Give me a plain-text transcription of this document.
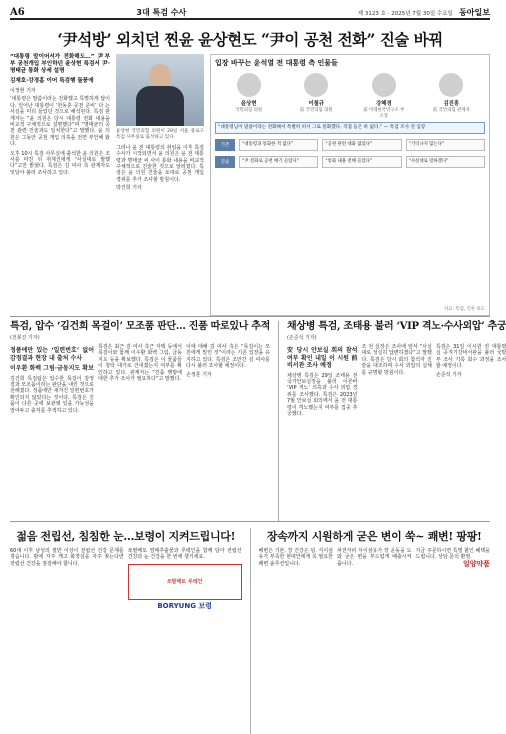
A6	3대 특검 수사	제 3123 호 · 2025년 7월 30일 수요일 동아일보
‘尹석방’ 외치던 찐윤 윤상현도 “尹이 공천 전화” 진술 바꿔
“대통령 말이어서가 전화해도…” 尹부부 공천개입 부인하던 윤상현 특검서 尹·명태균 통화 상세 설명
김재호·강경흠 이어 특검행 돌풍에
이정현 기자
‘대통령은 말씀이라는 전화했고 특별하게 답이 다. 일어난 대통령이 ‘한동훈 공천 준비’ 다 는 사실을 미리 들었던 것으로 해석된다. 특검 관계자는 “윤 의원은 당시 대통령 전화 내용을 비교적 구체적으로 설명했다”며 “명태균의 공천 관련 진술과도 일치한다”고 말했다. 윤 의원은 그동안 공천 개입 의혹을 전면 부인해 왔다.
오후 10시 특검 사무실에 출석한 윤 의원은 조사를 마친 뒤 취재진에게 “사실대로 말했다”고만 밝혔다. 특검은 김 여사 측 관계자도 잇달아 불러 조사하고 있다.
윤상현 국민의힘 의원이 29일 서울 종로구 특검 사무실로 출석하고 있다.
그러나 윤 전 대통령의 취임을 이후 특검 수사가 시작되면서 윤 의원은 윤 전 대통령과 명태균 씨 사이 통화 내용을 비교적 구체적으로 진술한 것으로 알려졌다. 특검은 윤 의원 진술을 토대로 공천 개입 경위를 추가 조사할 방침이다.
박건희 기자
입장 바꾸는 윤석열 전 대통령 측 인물들
윤상현
국민의힘 의원
이철규
前 국민의힘 의원
강혜경
前 미래한국연구소 부소장
김진흥
前 국민의힘 관계자
“대통령님이 말씀이라는 전화해서 특별히 비서 그로 통화했다. 직접 들은 바 없다.” — 특검 조사 전 입장
기존	“대통령과 통화한 적 없다”	“공천 관련 대화 없었다”	“기억나지 않는다”
진술	“尹 전화로 공천 얘기 들었다”	“통화 내용 전해 들었다”	“사실대로 말하겠다”
자료: 특검, 언론 보도
특검, 압수 ‘김건희 목걸이’ 모조품 판단… 진품 따로있나 추적
(전봉진 기자)
정품에만 있는 ‘일련번호’ 없어 감정결과 현장 내 출처 수사
이우환 화백 그림·금동지도 확보
김건희 특검팀은 압수한 목걸이 감정 결과 모조품이라는 판단을 내린 것으로 전해졌다. 정품에만 새겨진 일련번호가 확인되지 않았다는 것이다. 특검은 진품이 다른 곳에 보관돼 있을 가능성을 열어두고 출처를 추적하고 있다.
특검은 최근 김 여사 측근 자택 등에서 목걸이와 함께 이우환 화백 그림, 금동지도 등을 확보했다. 특검은 이 물품들이 청탁 대가로 건네졌는지 여부를 확인하고 있다. 관계자는 “진품 행방에 대한 추가 조사가 필요하다”고 말했다.
이에 대해 김 여사 측은 “목걸이는 모친에게 빌린 것”이라는 기존 입장을 유지하고 있다. 특검은 조만간 김 여사를 다시 불러 조사할 예정이다.
손정훈 기자
채상병 특검, 조태용 불러 ‘VIP 격노·수사외압’ 추궁
(손준석 기자)
安 당시 안보실 회의 참석 여부 확인 내일 이 시원 前비서관 조사 예정
채상병 특검은 29일 조태용 전 국가안보실장을 불러 이른바 ‘VIP 격노’ 의혹과 수사 외압 경위를 조사했다. 특검은 2023년 7월 안보실 회의에서 윤 전 대통령이 격노했는지 여부를 집중 추궁했다.
조 전 실장은 조사에 앞서 “사실대로 성실히 답변하겠다”고 말했다. 특검은 당시 회의 참석자 진술을 대조하며 수사 외압의 실체를 규명할 방침이다.
특검은 31일 이시원 전 대통령실 공직기강비서관을 불러 국방부 조사 기록 회수 과정을 조사할 예정이다.
손준석 기자
젊음 전립선, 침침한 눈…보령이 지켜드립니다!
60대 이후 남성의 절반 이상이 전립선 건강 문제를 겪습니다. 밤에 자주 깨고 화장실을 자주 찾는다면 전립선 건강을 점검해야 합니다.
쏘팔메토 열매추출물과 루테인을 함께 담아 전립선 건강과 눈 건강을 한 번에 챙기세요.
쏘팔메토 루테인
BORYUNG 보령
장속까지 시원하게 굳은 변이 쑥~ 쾌변! 팡팡!
배변은 기본, 장 건강은 덤. 식이섬유가 부족한 현대인에게 꼭 필요한 쾌변 솔루션입니다.
차전자피 식이섬유가 장 운동을 도와 굳은 변을 부드럽게 배출시켜 줍니다.
지금 주문하시면 특별 할인 혜택을 드립니다. 상담 문의 환영.
일양약품
